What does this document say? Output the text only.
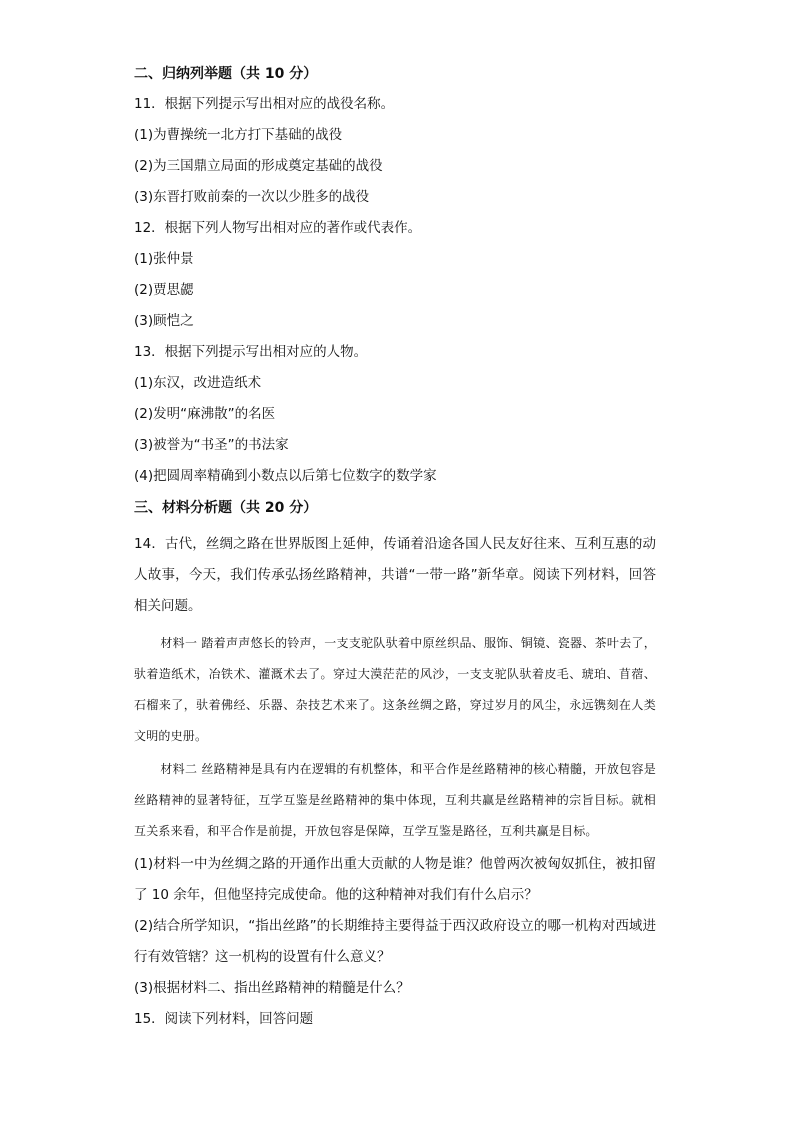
二、归纳列举题（共 10 分）
11．根据下列提示写出相对应的战役名称。
(1)为曹操统一北方打下基础的战役
(2)为三国鼎立局面的形成奠定基础的战役
(3)东晋打败前秦的一次以少胜多的战役
12．根据下列人物写出相对应的著作或代表作。
(1)张仲景
(2)贾思勰
(3)顾恺之
13．根据下列提示写出相对应的人物。
(1)东汉，改进造纸术
(2)发明“麻沸散”的名医
(3)被誉为“书圣”的书法家
(4)把圆周率精确到小数点以后第七位数字的数学家
三、材料分析题（共 20 分）
14．古代，丝绸之路在世界版图上延伸，传诵着沿途各国人民友好往来、互利互惠的动人故事，今天，我们传承弘扬丝路精神，共谱“一带一路”新华章。阅读下列材料，回答相关问题。
材料一 踏着声声悠长的铃声，一支支驼队驮着中原丝织品、服饰、铜镜、瓷器、茶叶去了，驮着造纸术，冶铁术、灌溉术去了。穿过大漠茫茫的风沙，一支支驼队驮着皮毛、琥珀、苜蓿、石榴来了，驮着佛经、乐器、杂技艺术来了。这条丝绸之路，穿过岁月的风尘，永远镌刻在人类文明的史册。
材料二 丝路精神是具有内在逻辑的有机整体，和平合作是丝路精神的核心精髓，开放包容是丝路精神的显著特征，互学互鉴是丝路精神的集中体现，互利共赢是丝路精神的宗旨目标。就相互关系来看，和平合作是前提，开放包容是保障，互学互鉴是路径，互利共赢是目标。
(1)材料一中为丝绸之路的开通作出重大贡献的人物是谁？他曾两次被匈奴抓住，被扣留了 10 余年，但他坚持完成使命。他的这种精神对我们有什么启示？
(2)结合所学知识，“指出丝路”的长期维持主要得益于西汉政府设立的哪一机构对西域进行有效管辖？这一机构的设置有什么意义？
(3)根据材料二、指出丝路精神的精髓是什么？
15．阅读下列材料，回答问题
